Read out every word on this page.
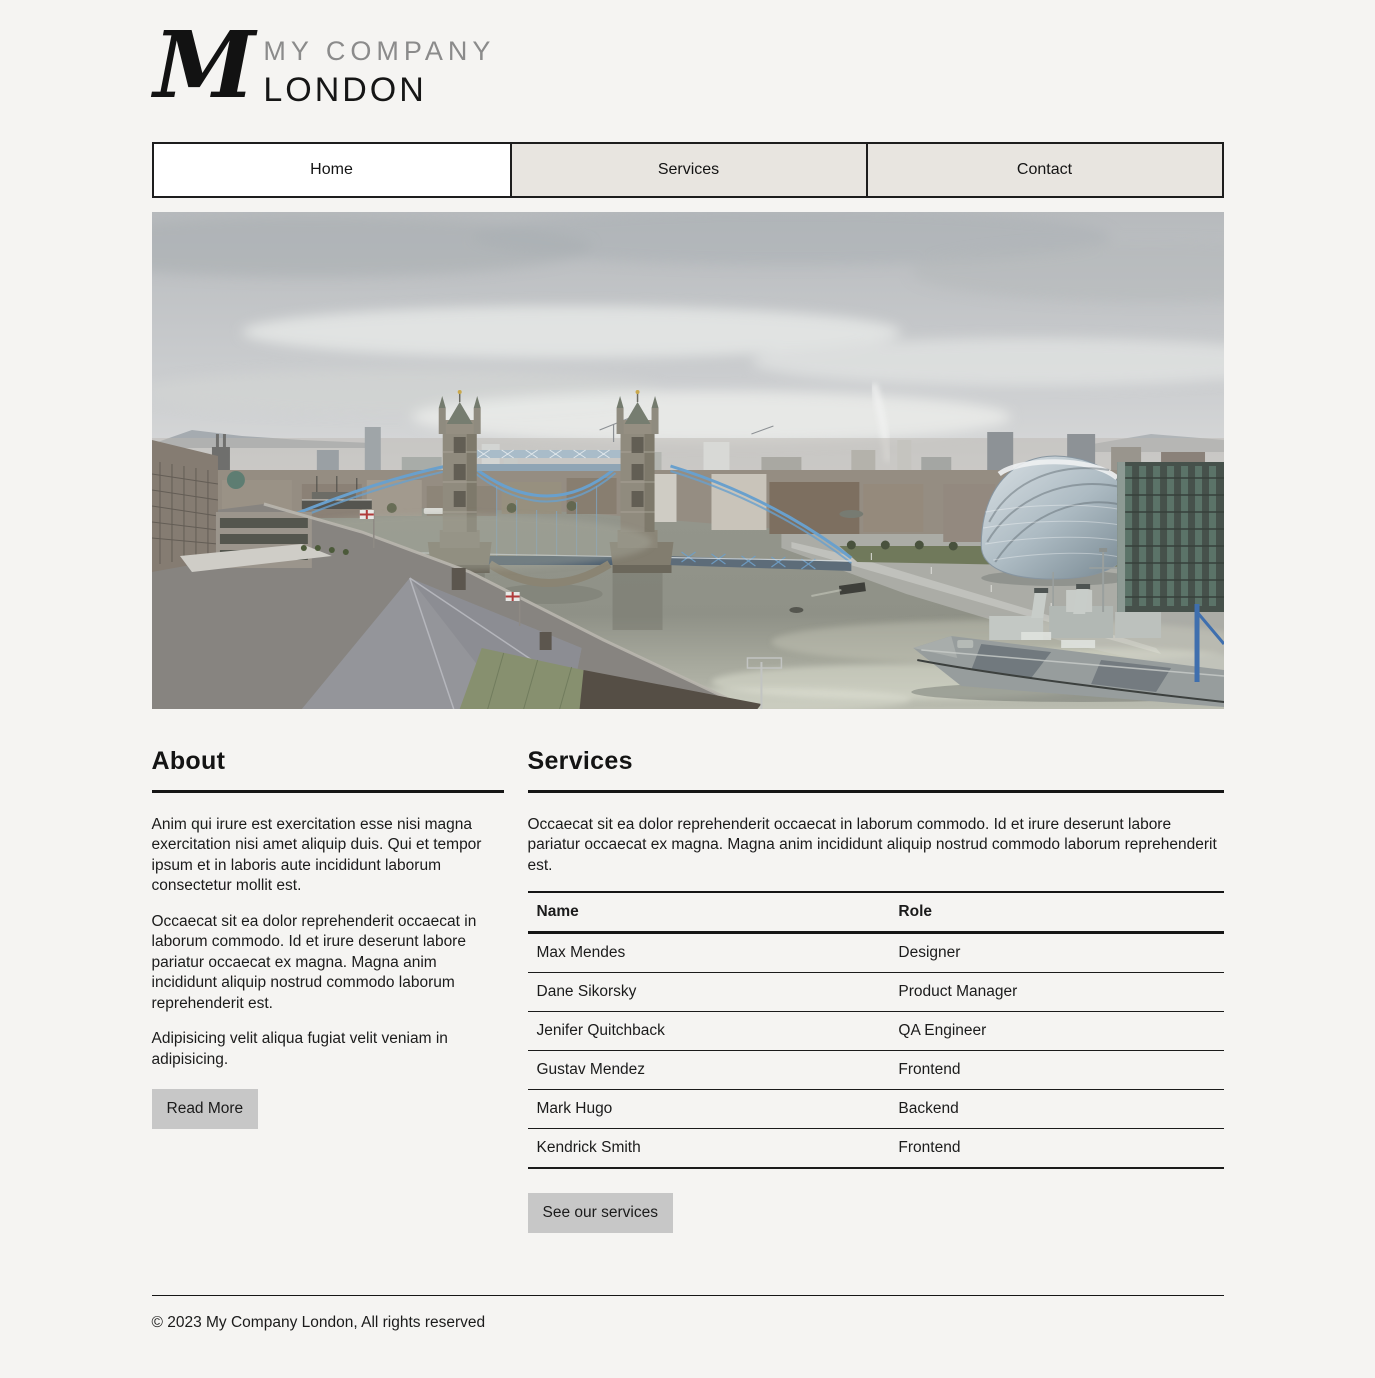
M MY COMPANY
LONDON
Home	Services	Contact
About

Anim qui irure est exercitation esse nisi magna exercitation nisi amet aliquip duis. Qui et tempor ipsum et in laboris aute incididunt laborum consectetur mollit est.

Occaecat sit ea dolor reprehenderit occaecat in laborum commodo. Id et irure deserunt labore pariatur occaecat ex magna. Magna anim incididunt aliquip nostrud commodo laborum reprehenderit est.

Adipisicing velit aliqua fugiat velit veniam in adipisicing.

Read More
Services

Occaecat sit ea dolor reprehenderit occaecat in laborum commodo. Id et irure deserunt labore pariatur occaecat ex magna. Magna anim incididunt aliquip nostrud commodo laborum reprehenderit est.

Name	Role
Max Mendes	Designer
Dane Sikorsky	Product Manager
Jenifer Quitchback	QA Engineer
Gustav Mendez	Frontend
Mark Hugo	Backend
Kendrick Smith	Frontend
See our services

© 2023 My Company London, All rights reserved
